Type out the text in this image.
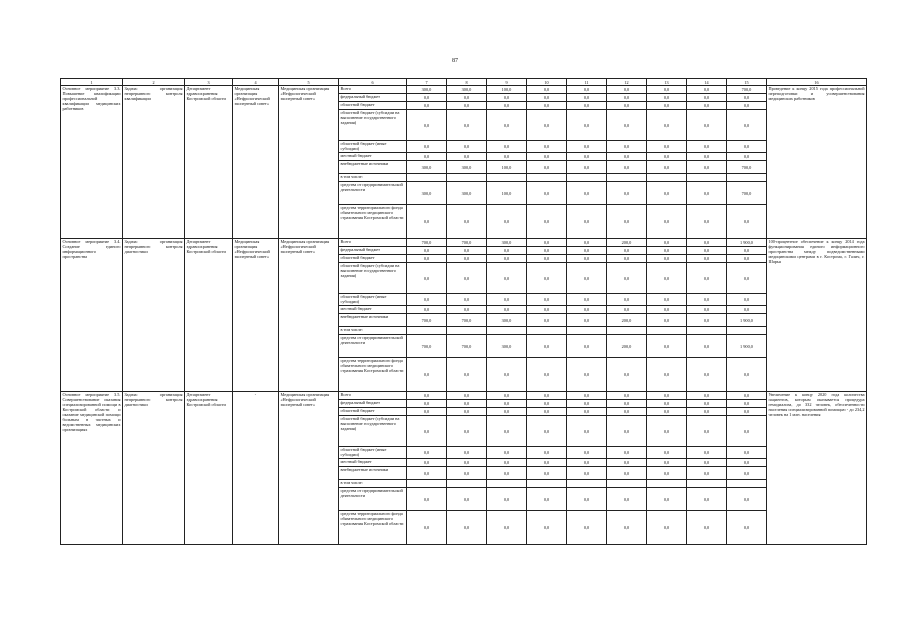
87
1	2	3	4	5	6	7	8	9	10	11	12	13	14	15	16
Основное мероприятие 3.3. Повышение квалификации профессиональной квалификации медицинских работников	Задача: организация непрерывного контроля квалификации	Департамент здравоохранения Костромской области	Медицинская организация «Нефрологический экспертный совет»	Медицинская организация «Нефрологический экспертный совет»	Всего	300,0	300,0	100,0	0,0	0,0	0,0	0,0	0,0	700,0	Проведение к концу 2015 года профессиональной переподготовки и усовершенствования медицинских работников
					федеральный бюджет	0,0	0,0	0,0	0,0	0,0	0,0	0,0	0,0	0,0	
					областной бюджет	0,0	0,0	0,0	0,0	0,0	0,0	0,0	0,0	0,0	
					областной бюджет (субсидии на выполнение государственного задания)	0,0	0,0	0,0	0,0	0,0	0,0	0,0	0,0	0,0	
					областной бюджет (иные субсидии)	0,0	0,0	0,0	0,0	0,0	0,0	0,0	0,0	0,0	
					местный бюджет	0,0	0,0	0,0	0,0	0,0	0,0	0,0	0,0	0,0	
					внебюджетные источники	300,0	300,0	100,0	0,0	0,0	0,0	0,0	0,0	700,0	
					в том числе:										
					средства от предпринимательской деятельности	300,0	300,0	100,0	0,0	0,0	0,0	0,0	0,0	700,0	
					средства территориального фонда обязательного медицинского страхования Костромской области	0,0	0,0	0,0	0,0	0,0	0,0	0,0	0,0	0,0	
Основное мероприятие 3.4. Создание единого информационного пространства	Задача: организация непрерывного контроля диагностики	Департамент здравоохранения Костромской области	Медицинская организация «Нефрологический экспертный совет»	Медицинская организация «Нефрологический экспертный совет»	Всего	700,0	700,0	300,0	0,0	0,0	200,0	0,0	0,0	1 900,0	100-процентное обеспечение к концу 2014 года функционирования единого информационного пространства между подведомственными медицинскими центрами в г. Кострома, г. Галич, г. Шарья
					федеральный бюджет	0,0	0,0	0,0	0,0	0,0	0,0	0,0	0,0	0,0	
					областной бюджет	0,0	0,0	0,0	0,0	0,0	0,0	0,0	0,0	0,0	
					областной бюджет (субсидии на выполнение государственного задания)	0,0	0,0	0,0	0,0	0,0	0,0	0,0	0,0	0,0	
					областной бюджет (иные субсидии)	0,0	0,0	0,0	0,0	0,0	0,0	0,0	0,0	0,0	
					местный бюджет	0,0	0,0	0,0	0,0	0,0	0,0	0,0	0,0	0,0	
					внебюджетные источники	700,0	700,0	300,0	0,0	0,0	200,0	0,0	0,0	1 900,0	
					в том числе:										
					средства от предпринимательской деятельности	700,0	700,0	300,0	0,0	0,0	200,0	0,0	0,0	1 900,0	
					средства территориального фонда обязательного медицинского страхования Костромской области	0,0	0,0	0,0	0,0	0,0	0,0	0,0	0,0	0,0	
Основное мероприятие 3.5. Совершенствование оказания специализированной помощи в Костромской области и оказание медицинской помощи больным в частных и ведомственных медицинских организациях	Задача: организация непрерывного контроля диагностики	Департамент здравоохранения Костромской области	-	Медицинская организация «Нефрологический экспертный совет»	Всего	0,0	0,0	0,0	0,0	0,0	0,0	0,0	0,0	0,0	Увеличение к концу 2020 года количества пациентов, которым оказывается процедура гемодиализа, до 332 человек, обеспеченности населения специализированной помощью - до 234,2 человек на 1 млн. населения
					федеральный бюджет	0,0	0,0	0,0	0,0	0,0	0,0	0,0	0,0	0,0	
					областной бюджет	0,0	0,0	0,0	0,0	0,0	0,0	0,0	0,0	0,0	
					областной бюджет (субсидии на выполнение государственного задания)	0,0	0,0	0,0	0,0	0,0	0,0	0,0	0,0	0,0	
					областной бюджет (иные субсидии)	0,0	0,0	0,0	0,0	0,0	0,0	0,0	0,0	0,0	
					местный бюджет	0,0	0,0	0,0	0,0	0,0	0,0	0,0	0,0	0,0	
					внебюджетные источники	0,0	0,0	0,0	0,0	0,0	0,0	0,0	0,0	0,0	
					в том числе:										
					средства от предпринимательской деятельности	0,0	0,0	0,0	0,0	0,0	0,0	0,0	0,0	0,0	
					средства территориального фонда обязательного медицинского страхования Костромской области	0,0	0,0	0,0	0,0	0,0	0,0	0,0	0,0	0,0	
